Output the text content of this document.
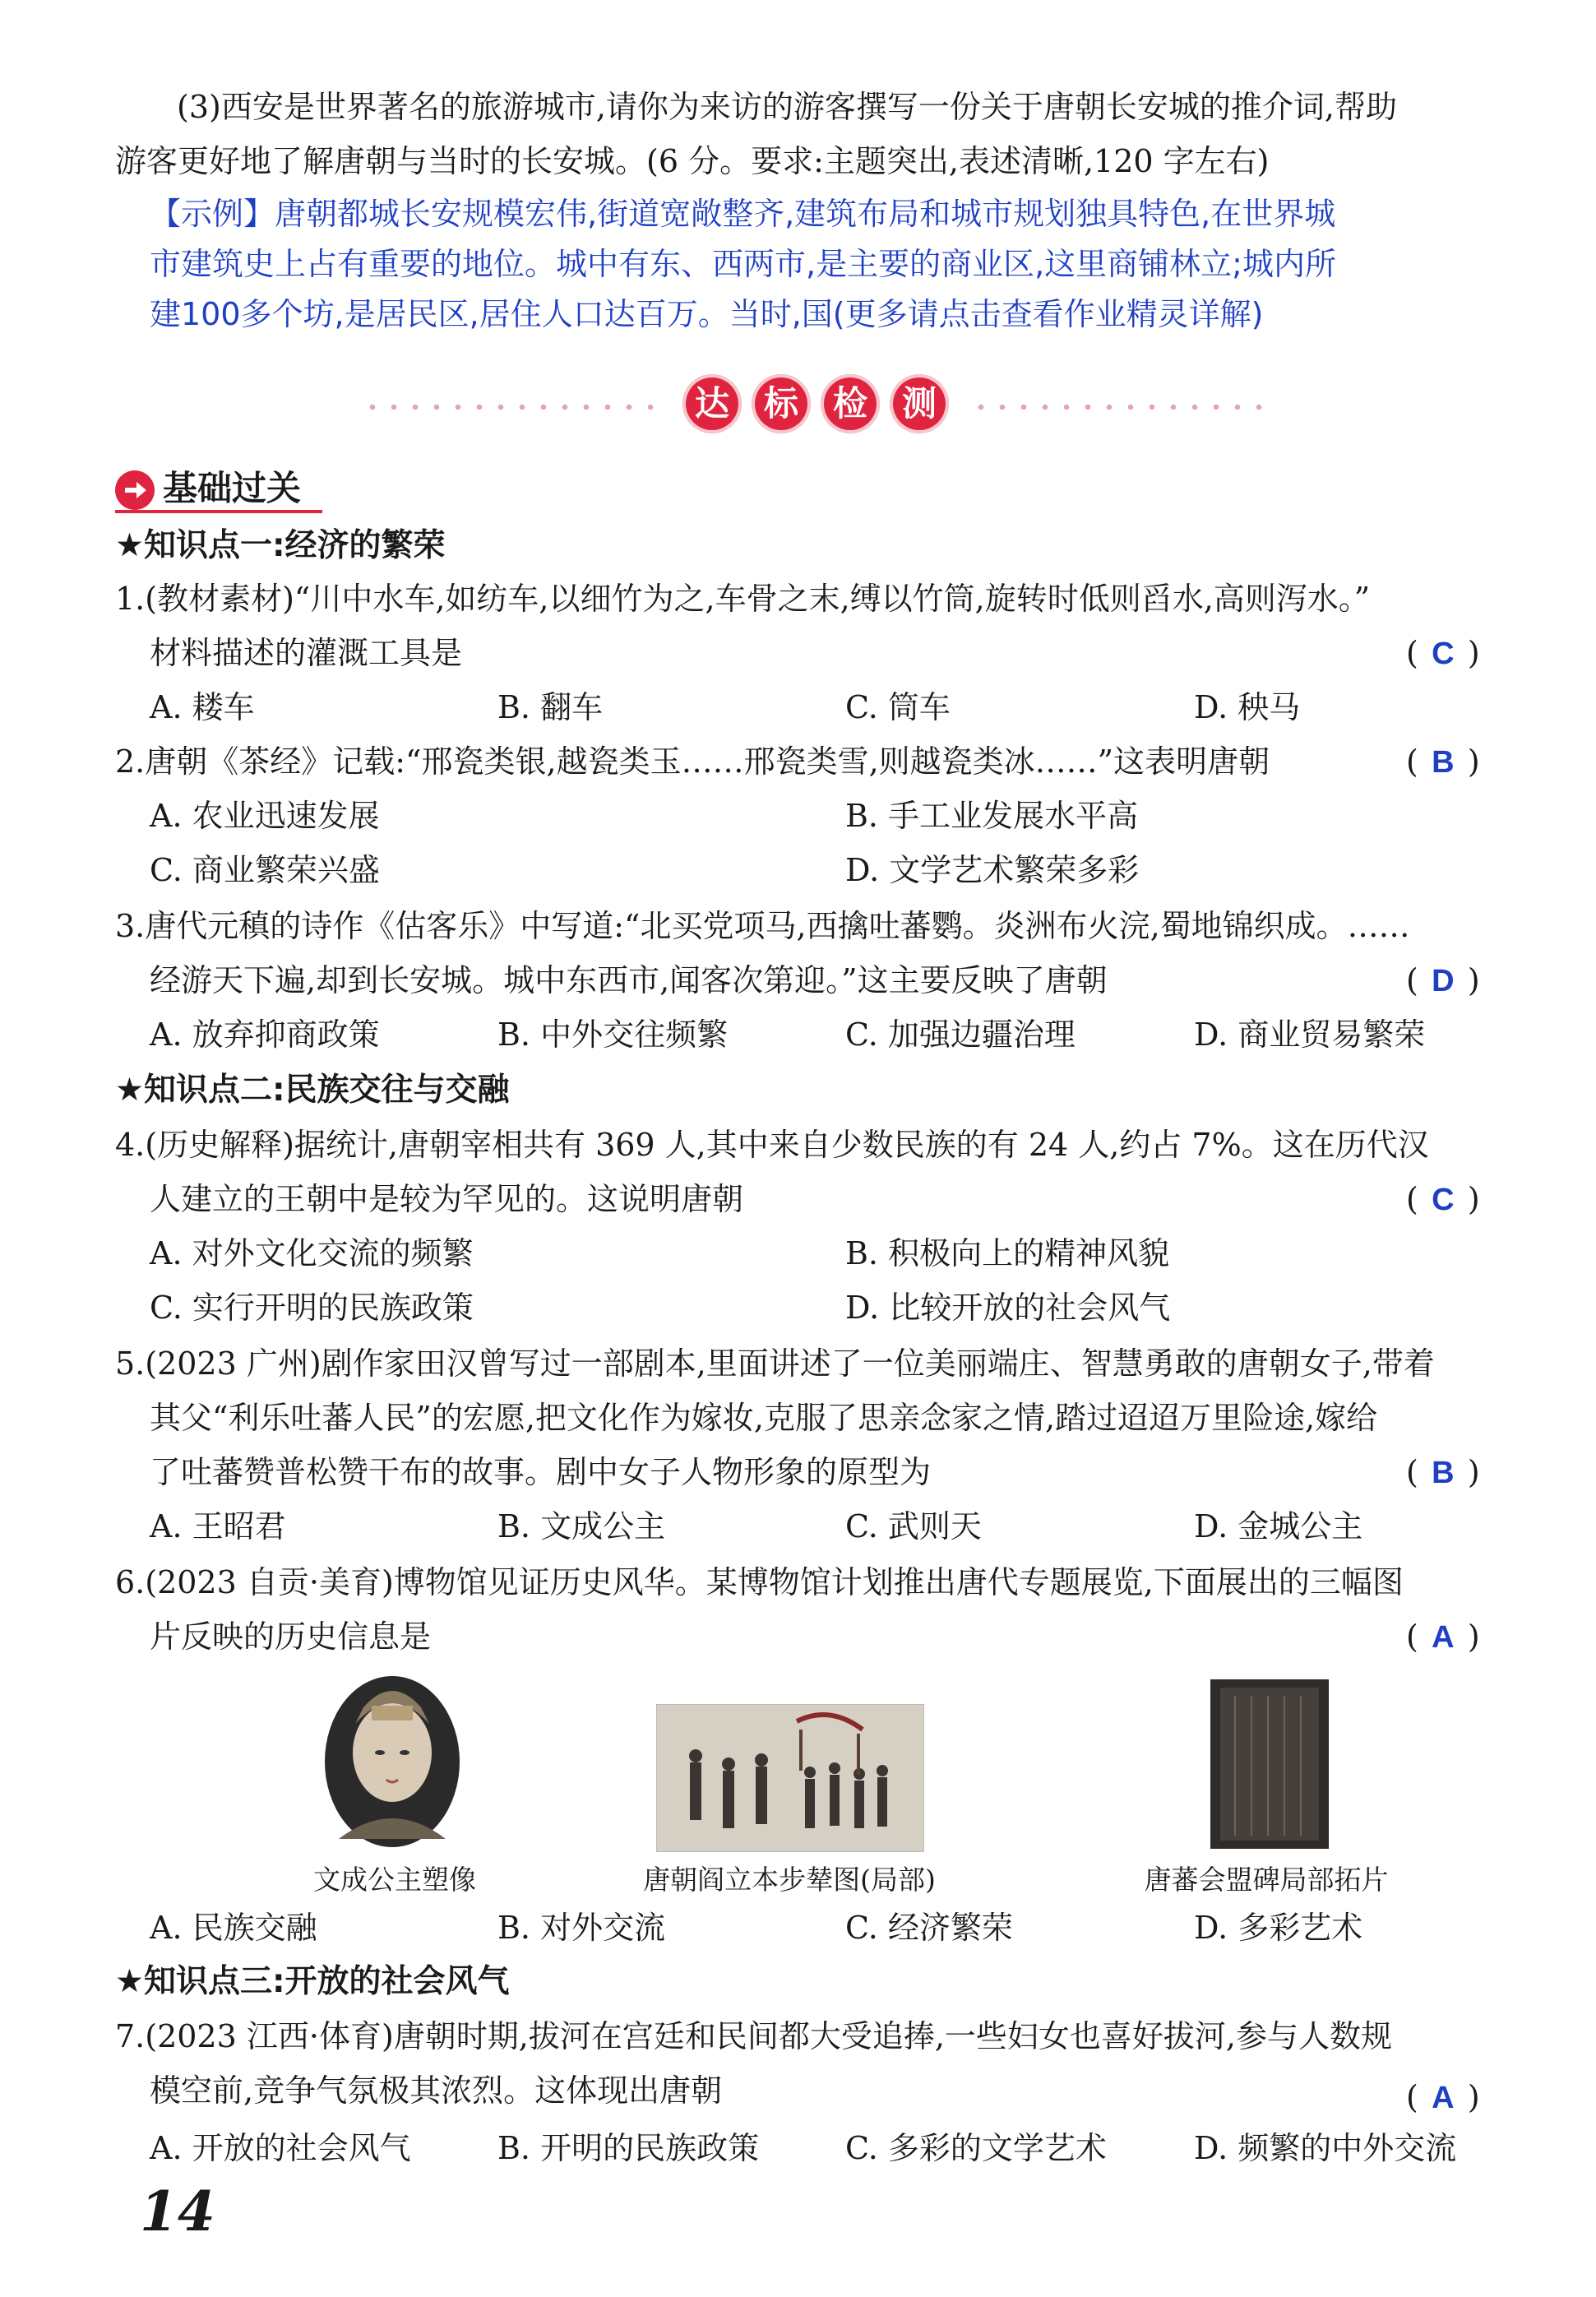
(3)西安是世界著名的旅游城市,请你为来访的游客撰写一份关于唐朝长安城的推介词,帮助
游客更好地了解唐朝与当时的长安城。(6 分。要求:主题突出,表述清晰,120 字左右)
【示例】唐朝都城长安规模宏伟,街道宽敞整齐,建筑布局和城市规划独具特色,在世界城
市建筑史上占有重要的地位。城中有东、西两市,是主要的商业区,这里商铺林立;城内所
建100多个坊,是居民区,居住人口达百万。当时,国(更多请点击查看作业精灵详解)
达 标 检 测
基础过关
★知识点一:经济的繁荣
1.(教材素材)“川中水车,如纺车,以细竹为之,车骨之末,缚以竹筒,旋转时低则舀水,高则泻水。”
材料描述的灌溉工具是	( C )
A. 耧车	B. 翻车	C. 筒车	D. 秧马
2.唐朝《茶经》记载:“邢瓷类银,越瓷类玉……邢瓷类雪,则越瓷类冰……”这表明唐朝	( B )
A. 农业迅速发展	B. 手工业发展水平高
C. 商业繁荣兴盛	D. 文学艺术繁荣多彩
3.唐代元稹的诗作《估客乐》中写道:“北买党项马,西擒吐蕃鹦。炎洲布火浣,蜀地锦织成。……
经游天下遍,却到长安城。城中东西市,闻客次第迎。”这主要反映了唐朝	( D )
A. 放弃抑商政策	B. 中外交往频繁	C. 加强边疆治理	D. 商业贸易繁荣
★知识点二:民族交往与交融
4.(历史解释)据统计,唐朝宰相共有 369 人,其中来自少数民族的有 24 人,约占 7%。这在历代汉
人建立的王朝中是较为罕见的。这说明唐朝	( C )
A. 对外文化交流的频繁	B. 积极向上的精神风貌
C. 实行开明的民族政策	D. 比较开放的社会风气
5.(2023 广州)剧作家田汉曾写过一部剧本,里面讲述了一位美丽端庄、智慧勇敢的唐朝女子,带着
其父“利乐吐蕃人民”的宏愿,把文化作为嫁妆,克服了思亲念家之情,踏过迢迢万里险途,嫁给
了吐蕃赞普松赞干布的故事。剧中女子人物形象的原型为	( B )
A. 王昭君	B. 文成公主	C. 武则天	D. 金城公主
6.(2023 自贡·美育)博物馆见证历史风华。某博物馆计划推出唐代专题展览,下面展出的三幅图
片反映的历史信息是	( A )
文成公主塑像	唐朝阎立本步辇图(局部)	唐蕃会盟碑局部拓片
A. 民族交融	B. 对外交流	C. 经济繁荣	D. 多彩艺术
★知识点三:开放的社会风气
7.(2023 江西·体育)唐朝时期,拔河在宫廷和民间都大受追捧,一些妇女也喜好拔河,参与人数规
模空前,竞争气氛极其浓烈。这体现出唐朝	( A )
A. 开放的社会风气	B. 开明的民族政策	C. 多彩的文学艺术	D. 频繁的中外交流
14
